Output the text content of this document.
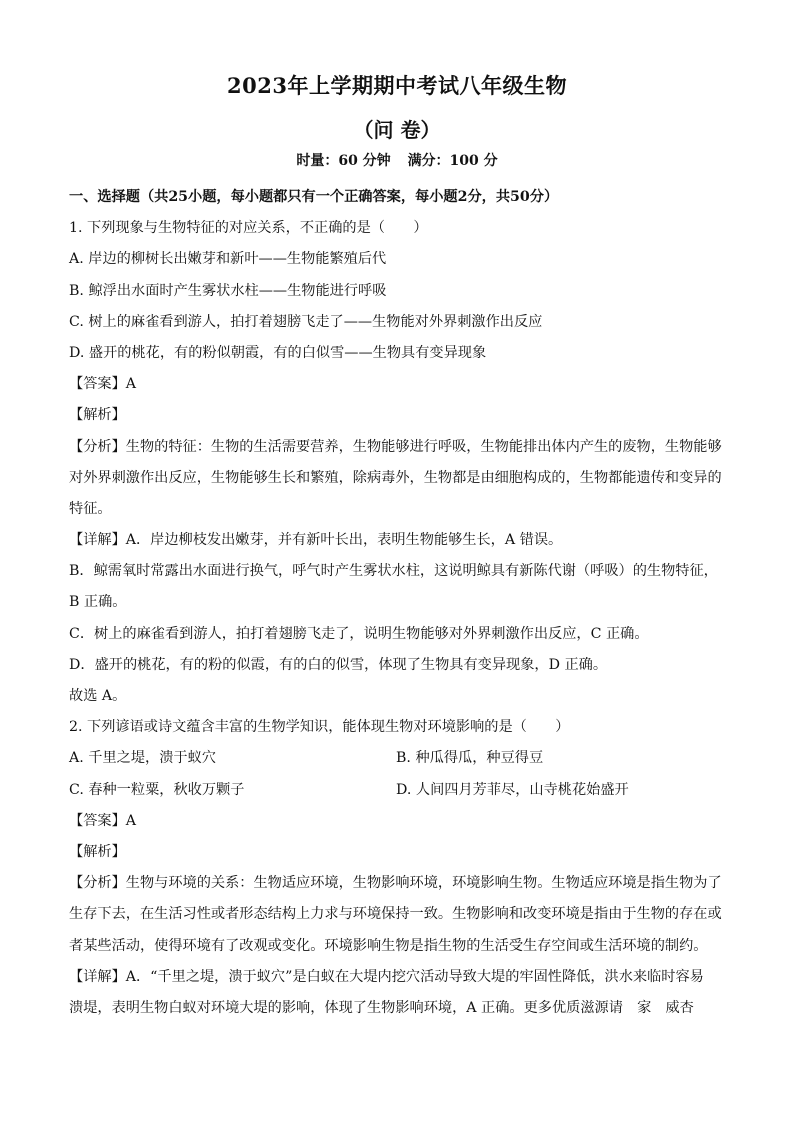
2023年上学期期中考试八年级生物
（问 卷）
时量：60 分钟 满分：100 分
一、选择题（共25小题，每小题都只有一个正确答案，每小题2分，共50分）
1. 下列现象与生物特征的对应关系，不正确的是（　　）
A. 岸边的柳树长出嫩芽和新叶——生物能繁殖后代
B. 鲸浮出水面时产生雾状水柱——生物能进行呼吸
C. 树上的麻雀看到游人，拍打着翅膀飞走了——生物能对外界刺激作出反应
D. 盛开的桃花，有的粉似朝霞，有的白似雪——生物具有变异现象
【答案】A
【解析】
【分析】生物的特征：生物的生活需要营养，生物能够进行呼吸，生物能排出体内产生的废物，生物能够
对外界刺激作出反应，生物能够生长和繁殖，除病毒外，生物都是由细胞构成的，生物都能遗传和变异的
特征。
【详解】A．岸边柳枝发出嫩芽，并有新叶长出，表明生物能够生长，A 错误。
B．鲸需氧时常露出水面进行换气，呼气时产生雾状水柱，这说明鲸具有新陈代谢（呼吸）的生物特征，
B 正确。
C．树上的麻雀看到游人，拍打着翅膀飞走了，说明生物能够对外界刺激作出反应，C 正确。
D．盛开的桃花，有的粉的似霞，有的白的似雪，体现了生物具有变异现象，D 正确。
故选 A。
2. 下列谚语或诗文蕴含丰富的生物学知识，能体现生物对环境影响的是（　　）
A. 千里之堤，溃于蚁穴	B. 种瓜得瓜，种豆得豆
C. 春种一粒粟，秋收万颗子	D. 人间四月芳菲尽，山寺桃花始盛开
【答案】A
【解析】
【分析】生物与环境的关系：生物适应环境，生物影响环境，环境影响生物。生物适应环境是指生物为了
生存下去，在生活习性或者形态结构上力求与环境保持一致。生物影响和改变环境是指由于生物的存在或
者某些活动，使得环境有了改观或变化。环境影响生物是指生物的生活受生存空间或生活环境的制约。
【详解】A．“千里之堤，溃于蚁穴”是白蚁在大堤内挖穴活动导致大堤的牢固性降低，洪水来临时容易
溃堤，表明生物白蚁对环境大堤的影响，体现了生物影响环境，A 正确。更多优质滋源请　家　威杏
